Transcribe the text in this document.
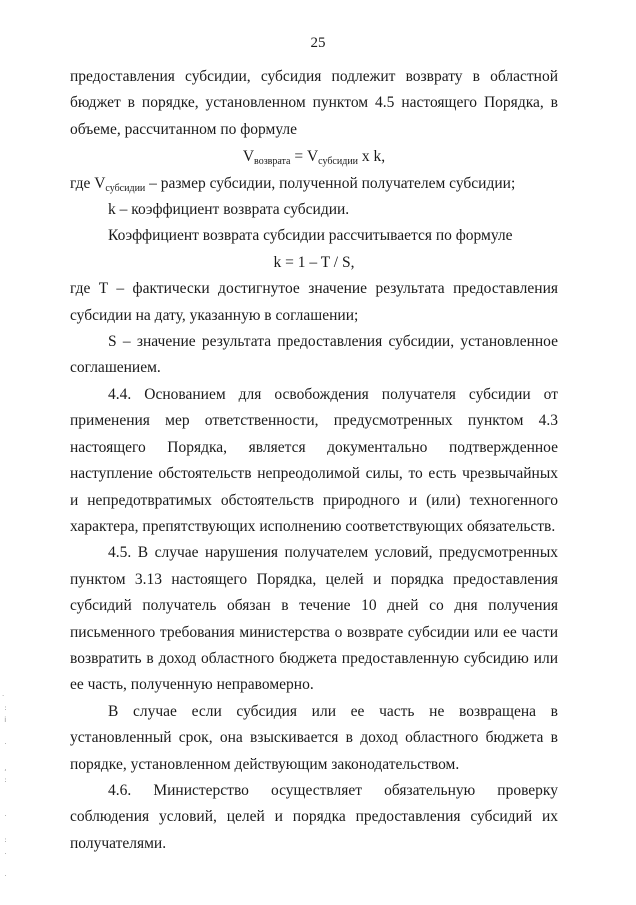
25

предоставления субсидии, субсидия подлежит возврату в областной бюджет в порядке, установленном пунктом 4.5 настоящего Порядка, в объеме, рассчитанном по формуле

$V_{возврата} = V_{субсидии}$ x k,

где $V_{субсидии}$ – размер субсидии, полученной получателем субсидии;

k – коэффициент возврата субсидии.

Коэффициент возврата субсидии рассчитывается по формуле

k = 1 – T / S,

где T – фактически достигнутое значение результата предоставления субсидии на дату, указанную в соглашении;

S – значение результата предоставления субсидии, установленное соглашением.

4.4. Основанием для освобождения получателя субсидии от применения мер ответственности, предусмотренных пунктом 4.3 настоящего Порядка, является документально подтвержденное наступление обстоятельств непреодолимой силы, то есть чрезвычайных и непредотвратимых обстоятельств природного и (или) техногенного характера, препятствующих исполнению соответствующих обязательств.

4.5. В случае нарушения получателем условий, предусмотренных пунктом 3.13 настоящего Порядка, целей и порядка предоставления субсидий получатель обязан в течение 10 дней со дня получения письменного требования министерства о возврате субсидии или ее части возвратить в доход областного бюджета предоставленную субсидию или ее часть, полученную неправомерно.

В случае если субсидия или ее часть не возвращена в установленный срок, она взыскивается в доход областного бюджета в порядке, установленном действующим законодательством.

4.6. Министерство осуществляет обязательную проверку соблюдения условий, целей и порядка предоставления субсидий их получателями.

·
:
i

·

,
:

·

:
.

·
